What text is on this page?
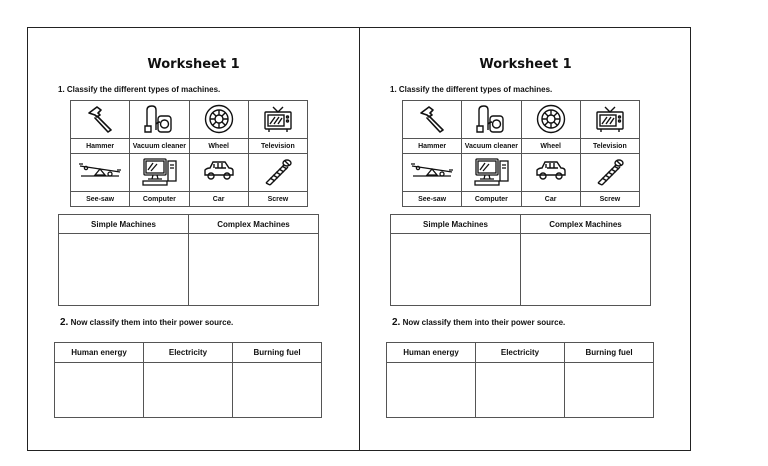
Worksheet 1
1. Classify the different types of machines.

Hammer	Vacuum cleaner	Wheel	Television

See-saw	Computer	Car	Screw
Simple Machines	Complex Machines

2. Now classify them into their power source.
Human energy	Electricity	Burning fuel

Worksheet 1
1. Classify the different types of machines.

Hammer	Vacuum cleaner	Wheel	Television

See-saw	Computer	Car	Screw
Simple Machines	Complex Machines

2. Now classify them into their power source.
Human energy	Electricity	Burning fuel
